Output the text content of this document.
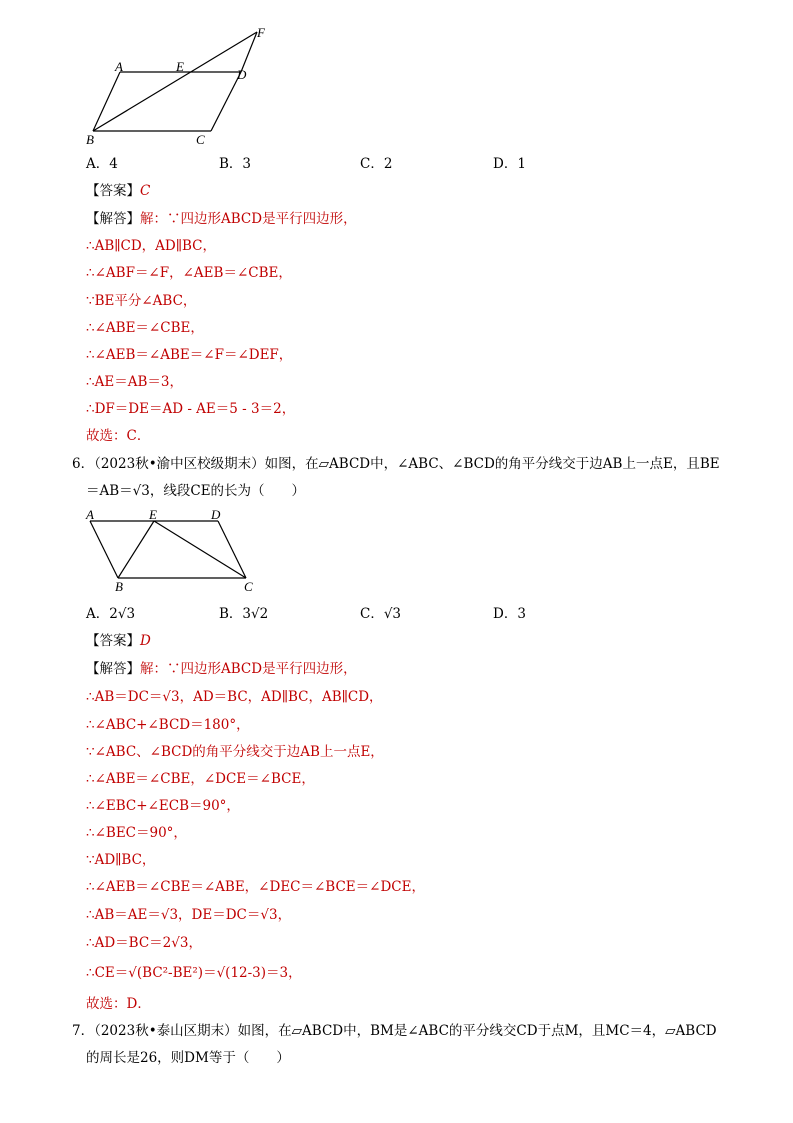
A	E
F
D
B	C
A．4	B．3	C．2	D．1
【答案】C
【解答】解：∵四边形ABCD是平行四边形，
∴AB∥CD，AD∥BC，
∴∠ABF＝∠F，∠AEB＝∠CBE，
∵BE平分∠ABC，
∴∠ABE＝∠CBE，
∴∠AEB＝∠ABE＝∠F＝∠DEF，
∴AE＝AB＝3，
∴DF＝DE＝AD - AE＝5 - 3＝2，
故选：C．
6．（2023秋•渝中区校级期末）如图，在▱ABCD中，∠ABC、∠BCD的角平分线交于边AB上一点E，且BE
＝AB＝√3，线段CE的长为（　　）
A	E	D
B	C
A．2√3	B．3√2	C．√3	D．3
【答案】D
【解答】解：∵四边形ABCD是平行四边形，
∴AB＝DC＝√3，AD＝BC，AD∥BC，AB∥CD，
∴∠ABC+∠BCD＝180°，
∵∠ABC、∠BCD的角平分线交于边AB上一点E，
∴∠ABE＝∠CBE，∠DCE＝∠BCE，
∴∠EBC+∠ECB＝90°，
∴∠BEC＝90°，
∵AD∥BC，
∴∠AEB＝∠CBE＝∠ABE，∠DEC＝∠BCE＝∠DCE，
∴AB＝AE＝√3，DE＝DC＝√3，
∴AD＝BC＝2√3，
∴CE＝√(BC²-BE²)＝√(12-3)＝3，
故选：D．
7．（2023秋•泰山区期末）如图，在▱ABCD中，BM是∠ABC的平分线交CD于点M，且MC＝4，▱ABCD
的周长是26，则DM等于（　　）
